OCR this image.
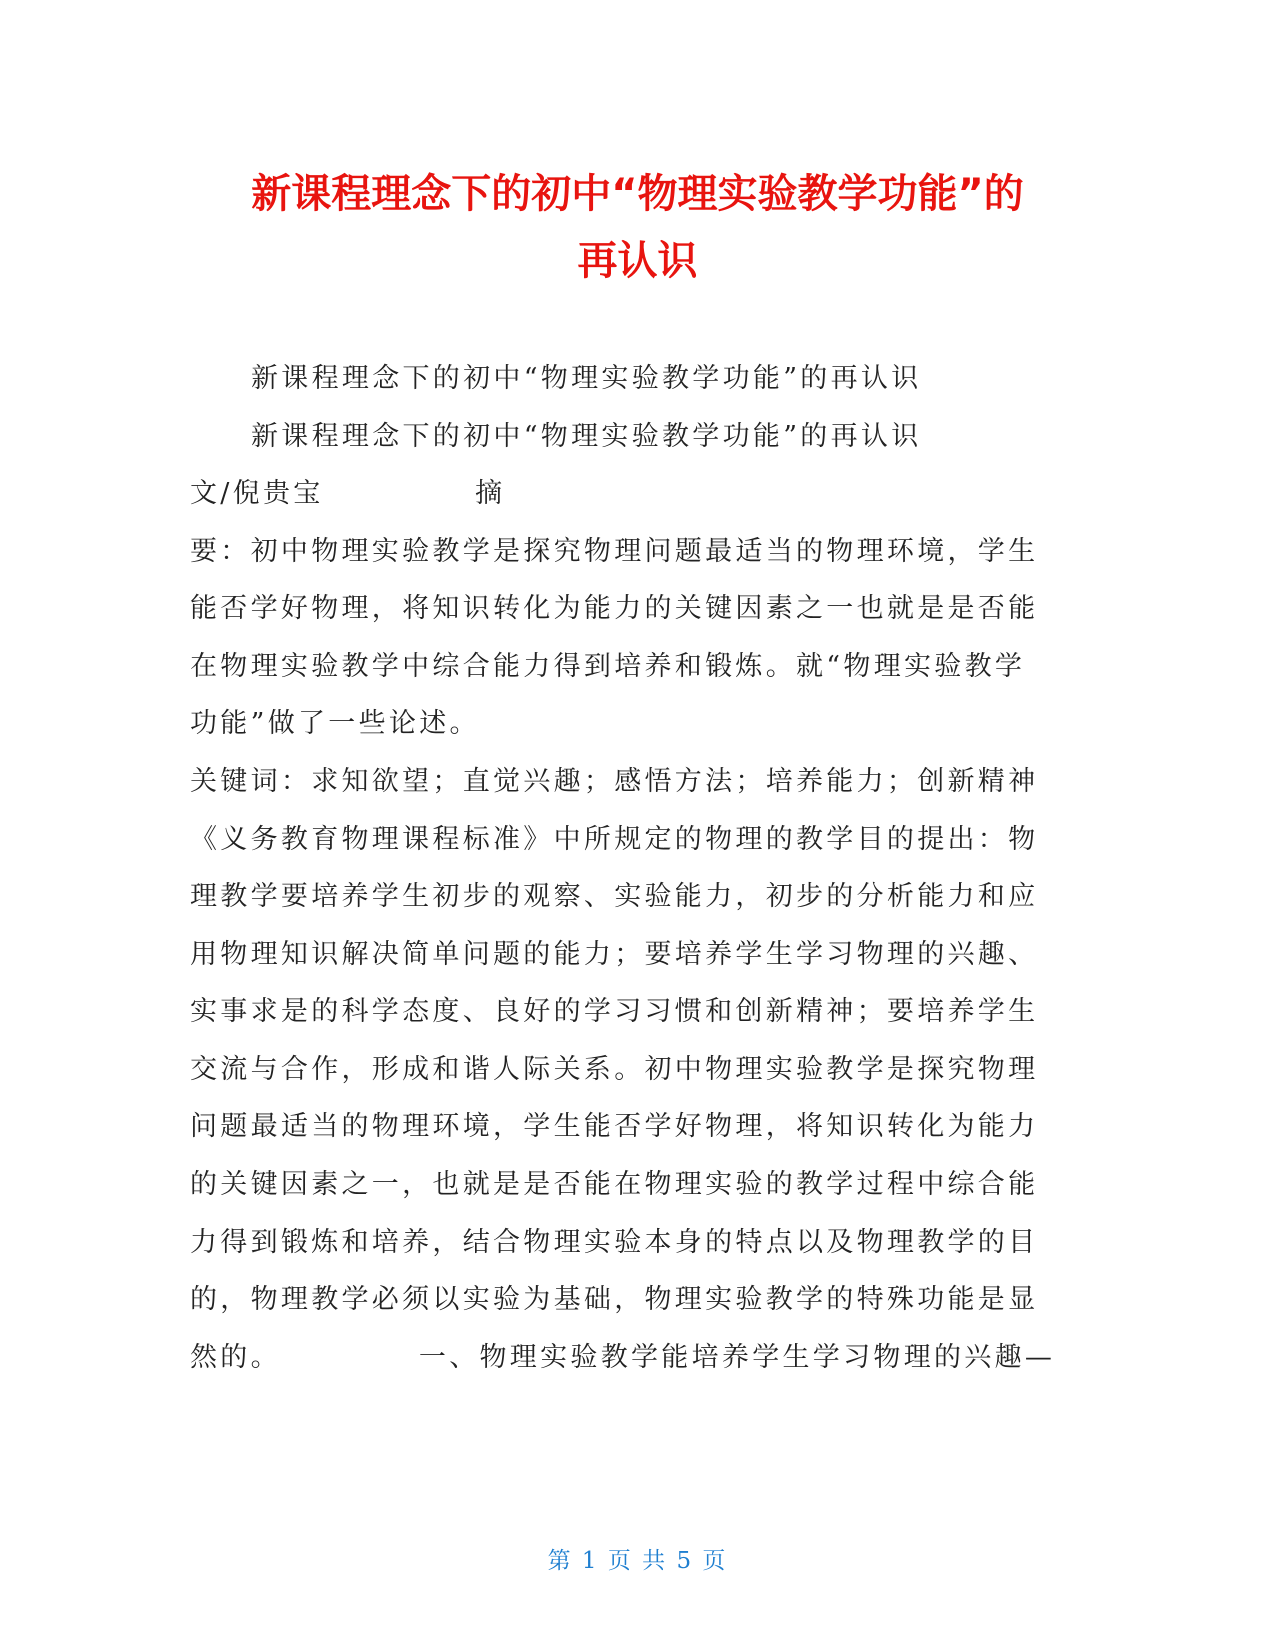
新课程理念下的初中“物理实验教学功能”的
再认识
新课程理念下的初中“物理实验教学功能”的再认识
新课程理念下的初中“物理实验教学功能”的再认识
文/倪贵宝　　　　　摘
要：初中物理实验教学是探究物理问题最适当的物理环境，学生
能否学好物理，将知识转化为能力的关键因素之一也就是是否能
在物理实验教学中综合能力得到培养和锻炼。就“物理实验教学
功能”做了一些论述。
关键词：求知欲望；直觉兴趣；感悟方法；培养能力；创新精神
《义务教育物理课程标准》中所规定的物理的教学目的提出：物
理教学要培养学生初步的观察、实验能力，初步的分析能力和应
用物理知识解决简单问题的能力；要培养学生学习物理的兴趣、
实事求是的科学态度、良好的学习习惯和创新精神；要培养学生
交流与合作，形成和谐人际关系。初中物理实验教学是探究物理
问题最适当的物理环境，学生能否学好物理，将知识转化为能力
的关键因素之一，也就是是否能在物理实验的教学过程中综合能
力得到锻炼和培养，结合物理实验本身的特点以及物理教学的目
的，物理教学必须以实验为基础，物理实验教学的特殊功能是显
然的。　　　　　一、物理实验教学能培养学生学习物理的兴趣—
第 1 页 共 5 页
